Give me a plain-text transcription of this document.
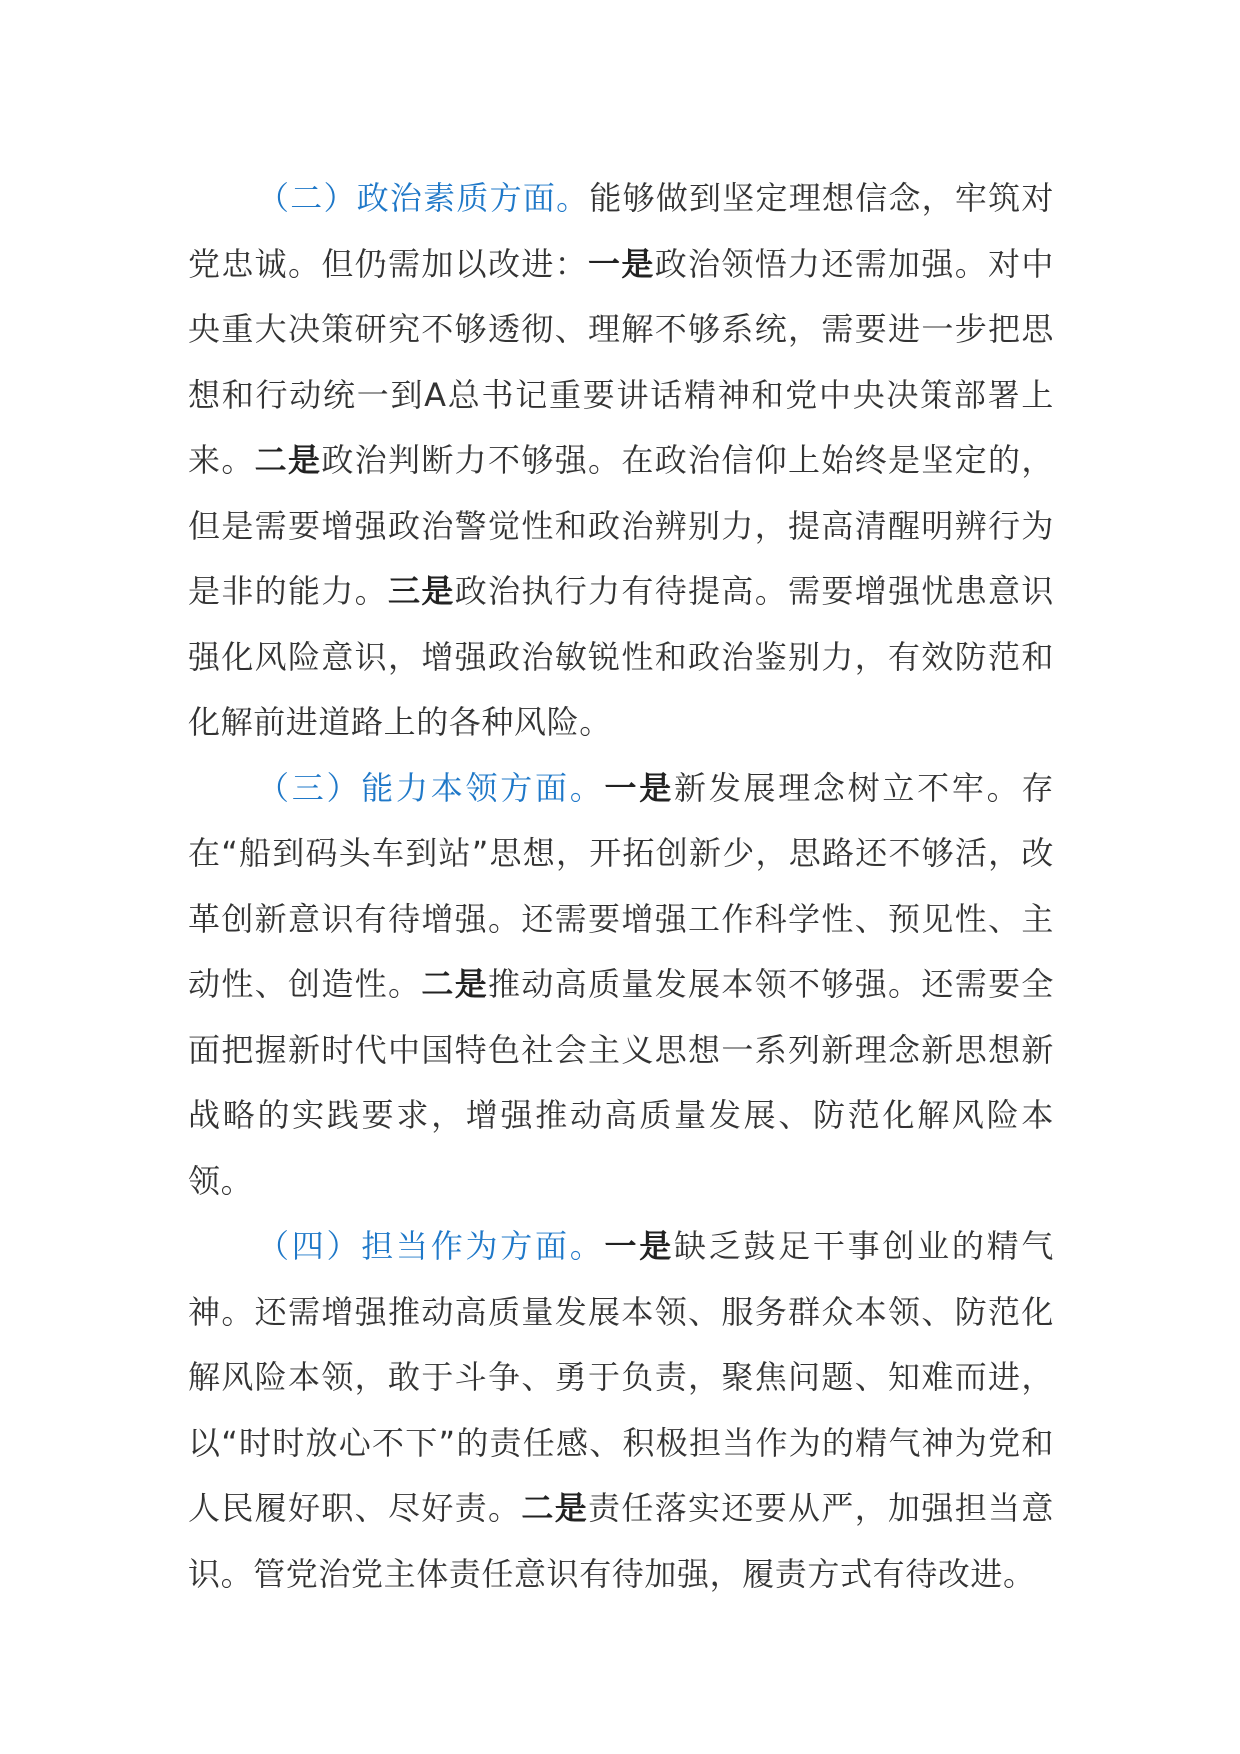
（二）政治素质方面。能够做到坚定理想信念，牢筑对党忠诚。但仍需加以改进：一是政治领悟力还需加强。对中央重大决策研究不够透彻、理解不够系统，需要进一步把思想和行动统一到A总书记重要讲话精神和党中央决策部署上来。二是政治判断力不够强。在政治信仰上始终是坚定的，但是需要增强政治警觉性和政治辨别力，提高清醒明辨行为是非的能力。三是政治执行力有待提高。需要增强忧患意识强化风险意识，增强政治敏锐性和政治鉴别力，有效防范和化解前进道路上的各种风险。

（三）能力本领方面。一是新发展理念树立不牢。存在“船到码头车到站”思想，开拓创新少，思路还不够活，改革创新意识有待增强。还需要增强工作科学性、预见性、主动性、创造性。二是推动高质量发展本领不够强。还需要全面把握新时代中国特色社会主义思想一系列新理念新思想新战略的实践要求，增强推动高质量发展、防范化解风险本领。

（四）担当作为方面。一是缺乏鼓足干事创业的精气神。还需增强推动高质量发展本领、服务群众本领、防范化解风险本领，敢于斗争、勇于负责，聚焦问题、知难而进，以“时时放心不下”的责任感、积极担当作为的精气神为党和人民履好职、尽好责。二是责任落实还要从严，加强担当意识。管党治党主体责任意识有待加强，履责方式有待改进。
